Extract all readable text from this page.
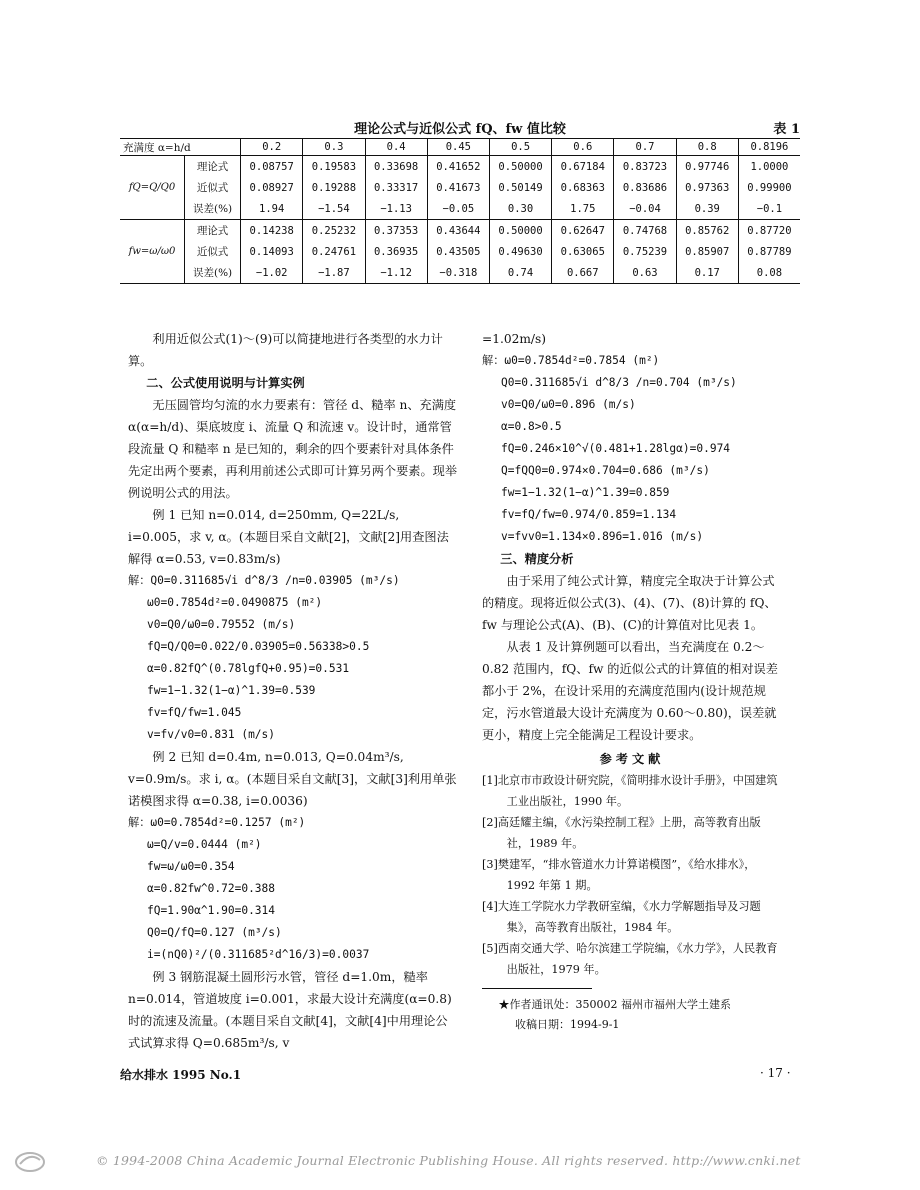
理论公式与近似公式 fQ、fw 值比较	表 1
充满度 α=h/d		0.2	0.3	0.4	0.45	0.5	0.6	0.7	0.8	0.8196
fQ=Q/Q0	理论式	0.08757	0.19583	0.33698	0.41652	0.50000	0.67184	0.83723	0.97746	1.0000
	近似式	0.08927	0.19288	0.33317	0.41673	0.50149	0.68363	0.83686	0.97363	0.99900
	误差(%)	1.94	−1.54	−1.13	−0.05	0.30	1.75	−0.04	0.39	−0.1
fw=ω/ω0	理论式	0.14238	0.25232	0.37353	0.43644	0.50000	0.62647	0.74768	0.85762	0.87720
	近似式	0.14093	0.24761	0.36935	0.43505	0.49630	0.63065	0.75239	0.85907	0.87789
	误差(%)	−1.02	−1.87	−1.12	−0.318	0.74	0.667	0.63	0.17	0.08

利用近似公式(1)～(9)可以简捷地进行各类型的水力计算。

二、公式使用说明与计算实例

无压圆管均匀流的水力要素有：管径 d、糙率 n、充满度 α(α=h/d)、渠底坡度 i、流量 Q 和流速 v。设计时，通常管段流量 Q 和糙率 n 是已知的，剩余的四个要素针对具体条件先定出两个要素，再利用前述公式即可计算另两个要素。现举例说明公式的用法。

例 1 已知 n=0.014, d=250mm, Q=22L/s, i=0.005，求 v, α。(本题目采自文献[2]，文献[2]用查图法解得 α=0.53, v=0.83m/s)

解：Q0=0.311685√i d^8/3 /n=0.03905 (m³/s)

ω0=0.7854d²=0.0490875 (m²)

v0=Q0/ω0=0.79552 (m/s)

fQ=Q/Q0=0.022/0.03905=0.56338>0.5

α=0.82fQ^(0.78lgfQ+0.95)=0.531

fw=1−1.32(1−α)^1.39=0.539

fv=fQ/fw=1.045

v=fv/v0=0.831 (m/s)

例 2 已知 d=0.4m, n=0.013, Q=0.04m³/s, v=0.9m/s。求 i, α。(本题目采自文献[3]，文献[3]利用单张诺模图求得 α=0.38, i=0.0036)

解：ω0=0.7854d²=0.1257 (m²)

ω=Q/v=0.0444 (m²)

fw=ω/ω0=0.354

α=0.82fw^0.72=0.388

fQ=1.90α^1.90=0.314

Q0=Q/fQ=0.127 (m³/s)

i=(nQ0)²/(0.311685²d^16/3)=0.0037

例 3 钢筋混凝土圆形污水管，管径 d=1.0m，糙率 n=0.014，管道坡度 i=0.001，求最大设计充满度(α=0.8)时的流速及流量。(本题目采自文献[4]，文献[4]中用理论公式试算求得 Q=0.685m³/s, v

=1.02m/s)

解：ω0=0.7854d²=0.7854 (m²)

Q0=0.311685√i d^8/3 /n=0.704 (m³/s)

v0=Q0/ω0=0.896 (m/s)

α=0.8>0.5

fQ=0.246×10^√(0.481+1.28lgα)=0.974

Q=fQQ0=0.974×0.704=0.686 (m³/s)

fw=1−1.32(1−α)^1.39=0.859

fv=fQ/fw=0.974/0.859=1.134

v=fvv0=1.134×0.896=1.016 (m/s)

三、精度分析

由于采用了纯公式计算，精度完全取决于计算公式的精度。现将近似公式(3)、(4)、(7)、(8)计算的 fQ、fw 与理论公式(A)、(B)、(C)的计算值对比见表 1。

从表 1 及计算例题可以看出，当充满度在 0.2～0.82 范围内，fQ、fw 的近似公式的计算值的相对误差都小于 2%，在设计采用的充满度范围内(设计规范规定，污水管道最大设计充满度为 0.60～0.80)，误差就更小，精度上完全能满足工程设计要求。

参考文献

[1]北京市市政设计研究院，《简明排水设计手册》，中国建筑工业出版社，1990 年。

[2]高廷耀主编，《水污染控制工程》上册，高等教育出版社，1989 年。

[3]樊建军，“排水管道水力计算诺模图”，《给水排水》，1992 年第 1 期。

[4]大连工学院水力学教研室编，《水力学解题指导及习题集》，高等教育出版社，1984 年。

[5]西南交通大学、哈尔滨建工学院编，《水力学》，人民教育出版社，1979 年。

★作者通讯处：350002 福州市福州大学土建系

收稿日期：1994-9-1

给水排水 1995 No.1	· 17 ·
© 1994-2008 China Academic Journal Electronic Publishing House. All rights reserved. http://www.cnki.net
